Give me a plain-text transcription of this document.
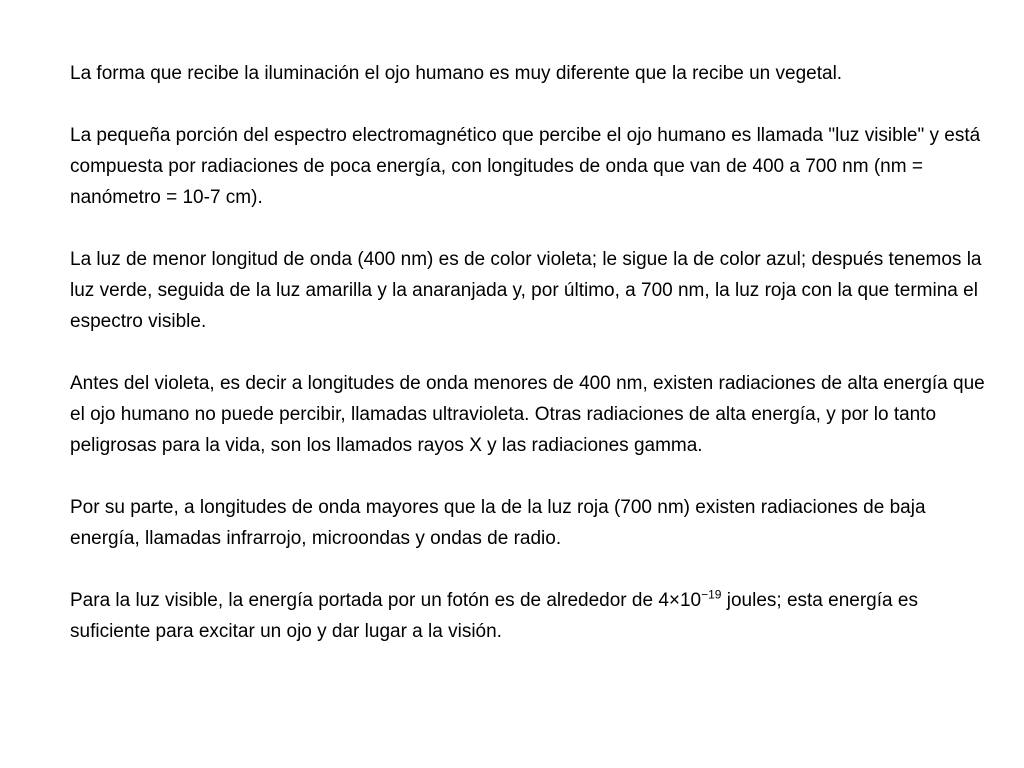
La forma que recibe la iluminación el ojo humano es muy diferente que la recibe un vegetal.

La pequeña porción del espectro electromagnético que percibe el ojo humano es llamada "luz visible" y está compuesta por radiaciones de poca energía, con longitudes de onda que van de 400 a 700 nm (nm = nanómetro = 10-7 cm).

La luz de menor longitud de onda (400 nm) es de color violeta; le sigue la de color azul; después tenemos la luz verde, seguida de la luz amarilla y la anaranjada y, por último, a 700 nm, la luz roja con la que termina el espectro visible.

Antes del violeta, es decir a longitudes de onda menores de 400 nm, existen radiaciones de alta energía que el ojo humano no puede percibir, llamadas ultravioleta. Otras radiaciones de alta energía, y por lo tanto peligrosas para la vida, son los llamados rayos X y las radiaciones gamma.

Por su parte, a longitudes de onda mayores que la de la luz roja (700 nm) existen radiaciones de baja energía, llamadas infrarrojo, microondas y ondas de radio.

Para la luz visible, la energía portada por un fotón es de alrededor de $4\times 10^{-19}$ joules; esta energía es suficiente para excitar un ojo y dar lugar a la visión.
